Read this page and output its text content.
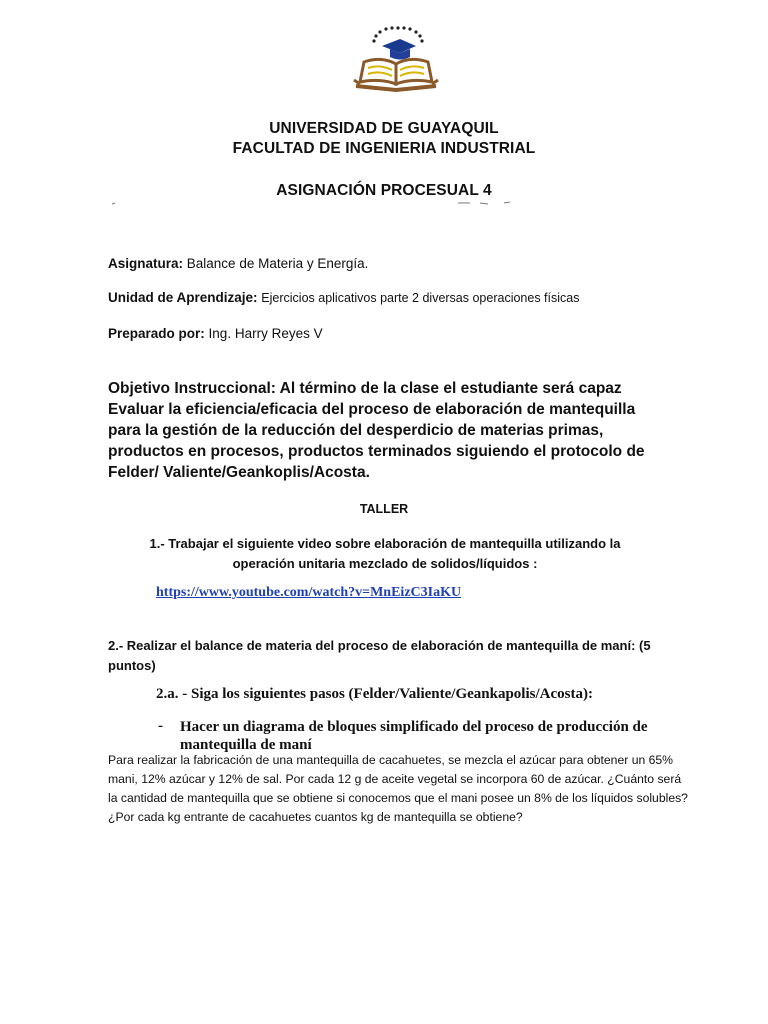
UNIVERSIDAD DE GUAYAQUIL
FACULTAD DE INGENIERIA INDUSTRIAL
ASIGNACIÓN PROCESUAL 4
Asignatura: Balance de Materia y Energía.
Unidad de Aprendizaje: Ejercicios aplicativos parte 2 diversas operaciones físicas
Preparado por: Ing. Harry Reyes V
Objetivo Instruccional: Al término de la clase el estudiante será capaz Evaluar la eficiencia/eficacia del proceso de elaboración de mantequilla para la gestión de la reducción del desperdicio de materias primas, productos en procesos, productos terminados siguiendo el protocolo de Felder/ Valiente/Geankoplis/Acosta.
TALLER
1.- Trabajar el siguiente video sobre elaboración de mantequilla utilizando la
operación unitaria mezclado de solidos/líquidos :
https://www.youtube.com/watch?v=MnEizC3IaKU
2.- Realizar el balance de materia del proceso de elaboración de mantequilla de maní: (5 puntos)
2.a. - Siga los siguientes pasos (Felder/Valiente/Geankapolis/Acosta):
- Hacer un diagrama de bloques simplificado del proceso de producción de mantequilla de maní
Para realizar la fabricación de una mantequilla de cacahuetes, se mezcla el azúcar para obtener un 65% mani, 12% azúcar y 12% de sal. Por cada 12 g de aceite vegetal se incorpora 60 de azúcar. ¿Cuánto será la cantidad de mantequilla que se obtiene si conocemos que el mani posee un 8% de los líquidos solubles? ¿Por cada kg entrante de cacahuetes cuantos kg de mantequilla se obtiene?
